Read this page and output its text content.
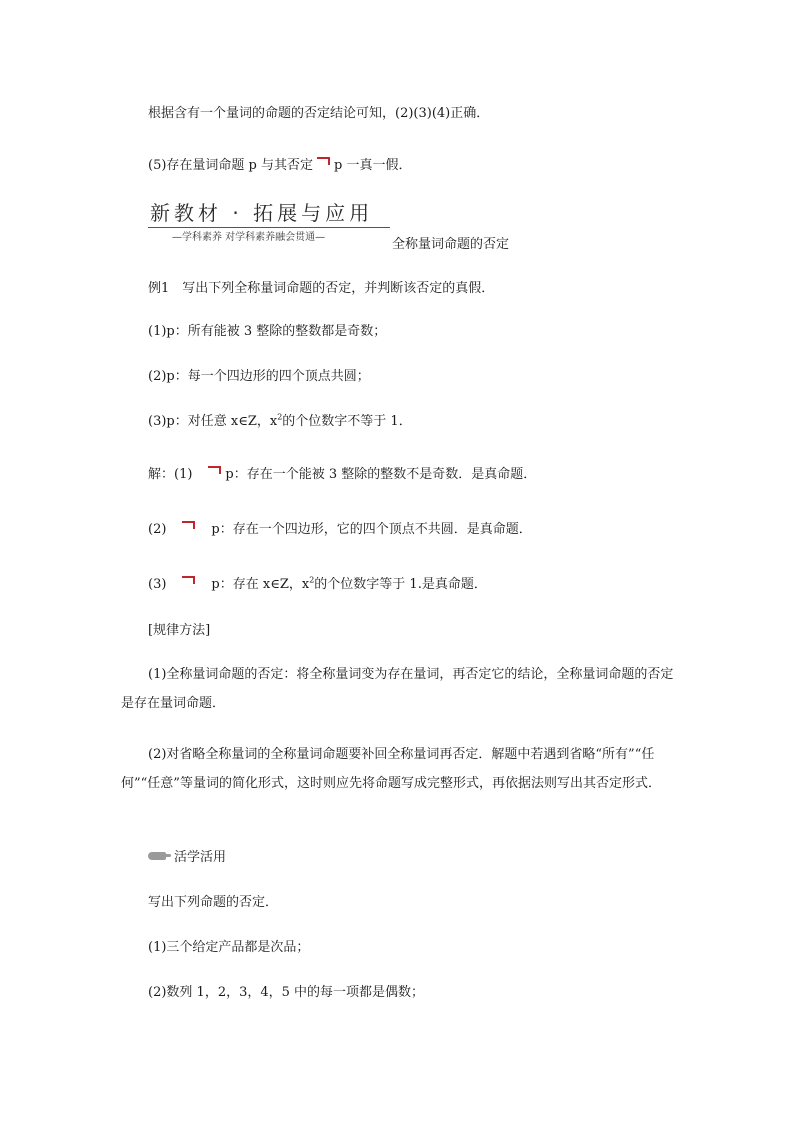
根据含有一个量词的命题的否定结论可知，(2)(3)(4)正确．
(5)存在量词命题 p 与其否定 p 一真一假．
新教材 · 拓展与应用
—学科素养 对学科素养融会贯通—	全称量词命题的否定
例1　写出下列全称量词命题的否定，并判断该否定的真假．
(1)p：所有能被 3 整除的整数都是奇数；
(2)p：每一个四边形的四个顶点共圆；
(3)p：对任意 x∈Z，$x^2$的个位数字不等于 1．
解：(1)	p：存在一个能被 3 整除的整数不是奇数．是真命题．
(2)	p：存在一个四边形，它的四个顶点不共圆．是真命题．
(3)	p：存在 x∈Z，$x^2$的个位数字等于 1.是真命题．
[规律方法]
(1)全称量词命题的否定：将全称量词变为存在量词，再否定它的结论，全称量词命题的否定是存在量词命题．
(2)对省略全称量词的全称量词命题要补回全称量词再否定．解题中若遇到省略“所有”“任何”“任意”等量词的简化形式，这时则应先将命题写成完整形式，再依据法则写出其否定形式．
活学活用
写出下列命题的否定．
(1)三个给定产品都是次品；
(2)数列 1，2，3，4，5 中的每一项都是偶数；
